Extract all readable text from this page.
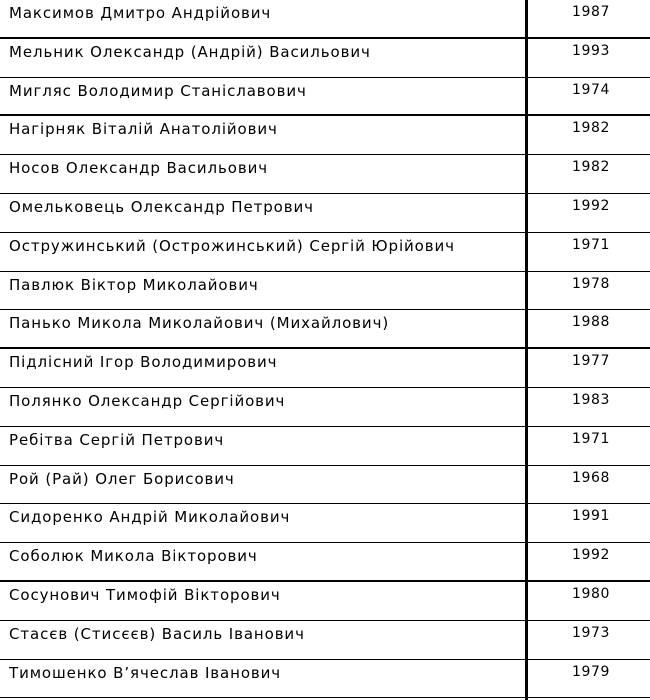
Максимов Дмитро Андрійович	1987
Мельник Олександр (Андрій) Васильович	1993
Мигляс Володимир Станіславович	1974
Нагірняк Віталій Анатолійович	1982
Носов Олександр Васильович	1982
Омельковець Олександр Петрович	1992
Остружинський (Острожинський) Сергій Юрійович	1971
Павлюк Віктор Миколайович	1978
Панько Микола Миколайович (Михайлович)	1988
Підлісний Ігор Володимирович	1977
Полянко Олександр Сергійович	1983
Ребітва Сергій Петрович	1971
Рой (Рай) Олег Борисович	1968
Сидоренко Андрій Миколайович	1991
Соболюк Микола Вікторович	1992
Сосунович Тимофій Вікторович	1980
Стасєв (Стисєєв) Василь Іванович	1973
Тимошенко В’ячеслав Іванович	1979
